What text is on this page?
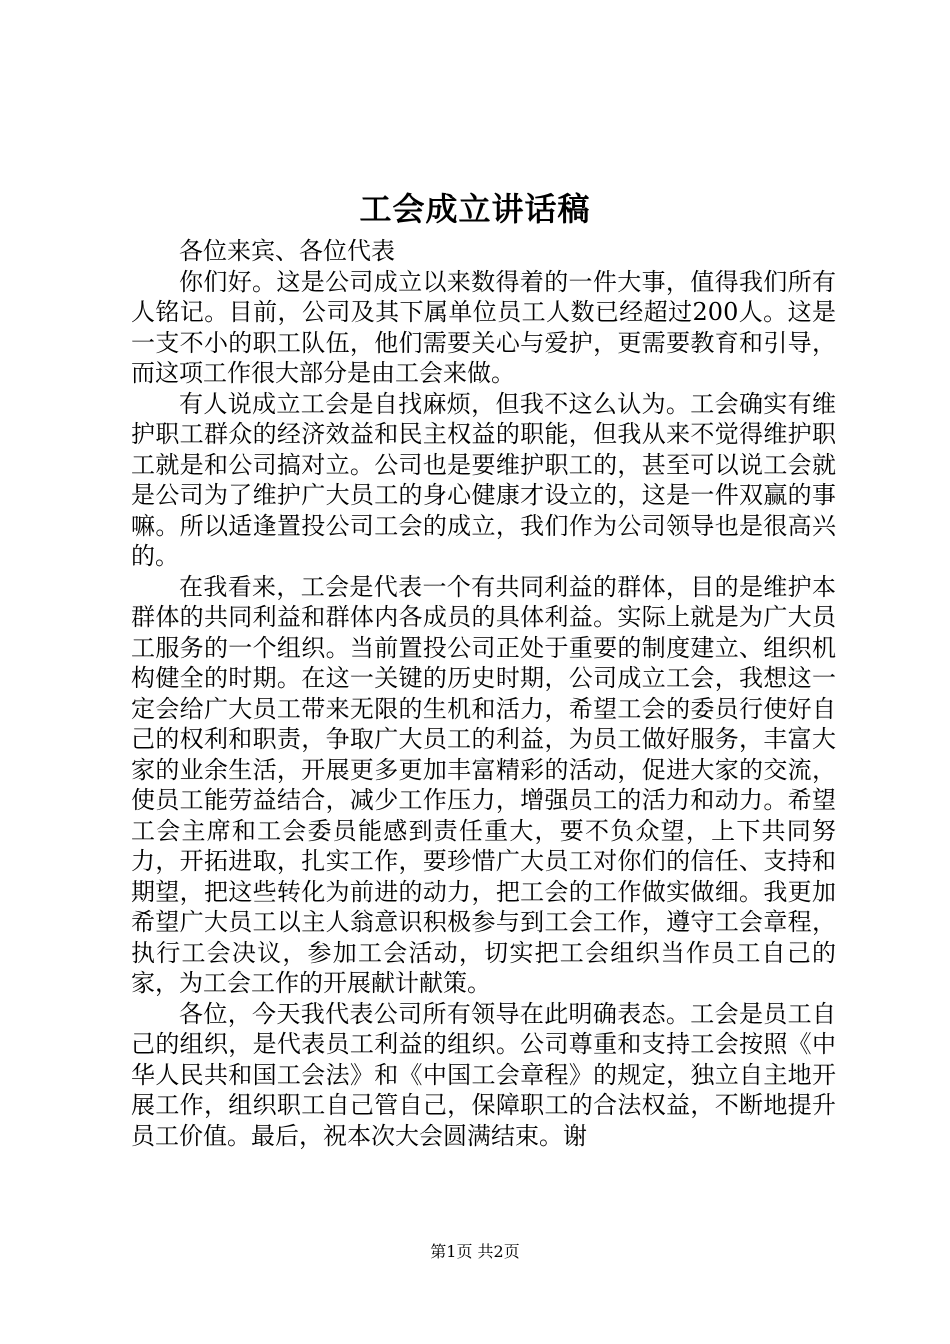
工会成立讲话稿

各位来宾、各位代表

你们好。这是公司成立以来数得着的一件大事，值得我们所有人铭记。目前，公司及其下属单位员工人数已经超过200人。这是一支不小的职工队伍，他们需要关心与爱护，更需要教育和引导，而这项工作很大部分是由工会来做。

有人说成立工会是自找麻烦，但我不这么认为。工会确实有维护职工群众的经济效益和民主权益的职能，但我从来不觉得维护职工就是和公司搞对立。公司也是要维护职工的，甚至可以说工会就是公司为了维护广大员工的身心健康才设立的，这是一件双赢的事嘛。所以适逢置投公司工会的成立，我们作为公司领导也是很高兴的。

在我看来，工会是代表一个有共同利益的群体，目的是维护本群体的共同利益和群体内各成员的具体利益。实际上就是为广大员工服务的一个组织。当前置投公司正处于重要的制度建立、组织机构健全的时期。在这一关键的历史时期，公司成立工会，我想这一定会给广大员工带来无限的生机和活力，希望工会的委员行使好自己的权利和职责，争取广大员工的利益，为员工做好服务，丰富大家的业余生活，开展更多更加丰富精彩的活动，促进大家的交流，使员工能劳益结合，减少工作压力，增强员工的活力和动力。希望工会主席和工会委员能感到责任重大，要不负众望，上下共同努力，开拓进取，扎实工作，要珍惜广大员工对你们的信任、支持和期望，把这些转化为前进的动力，把工会的工作做实做细。我更加希望广大员工以主人翁意识积极参与到工会工作，遵守工会章程，执行工会决议，参加工会活动，切实把工会组织当作员工自己的家，为工会工作的开展献计献策。

各位，今天我代表公司所有领导在此明确表态。工会是员工自己的组织，是代表员工利益的组织。公司尊重和支持工会按照《中华人民共和国工会法》和《中国工会章程》的规定，独立自主地开展工作，组织职工自己管自己，保障职工的合法权益，不断地提升员工价值。最后，祝本次大会圆满结束。谢

第1页 共2页
